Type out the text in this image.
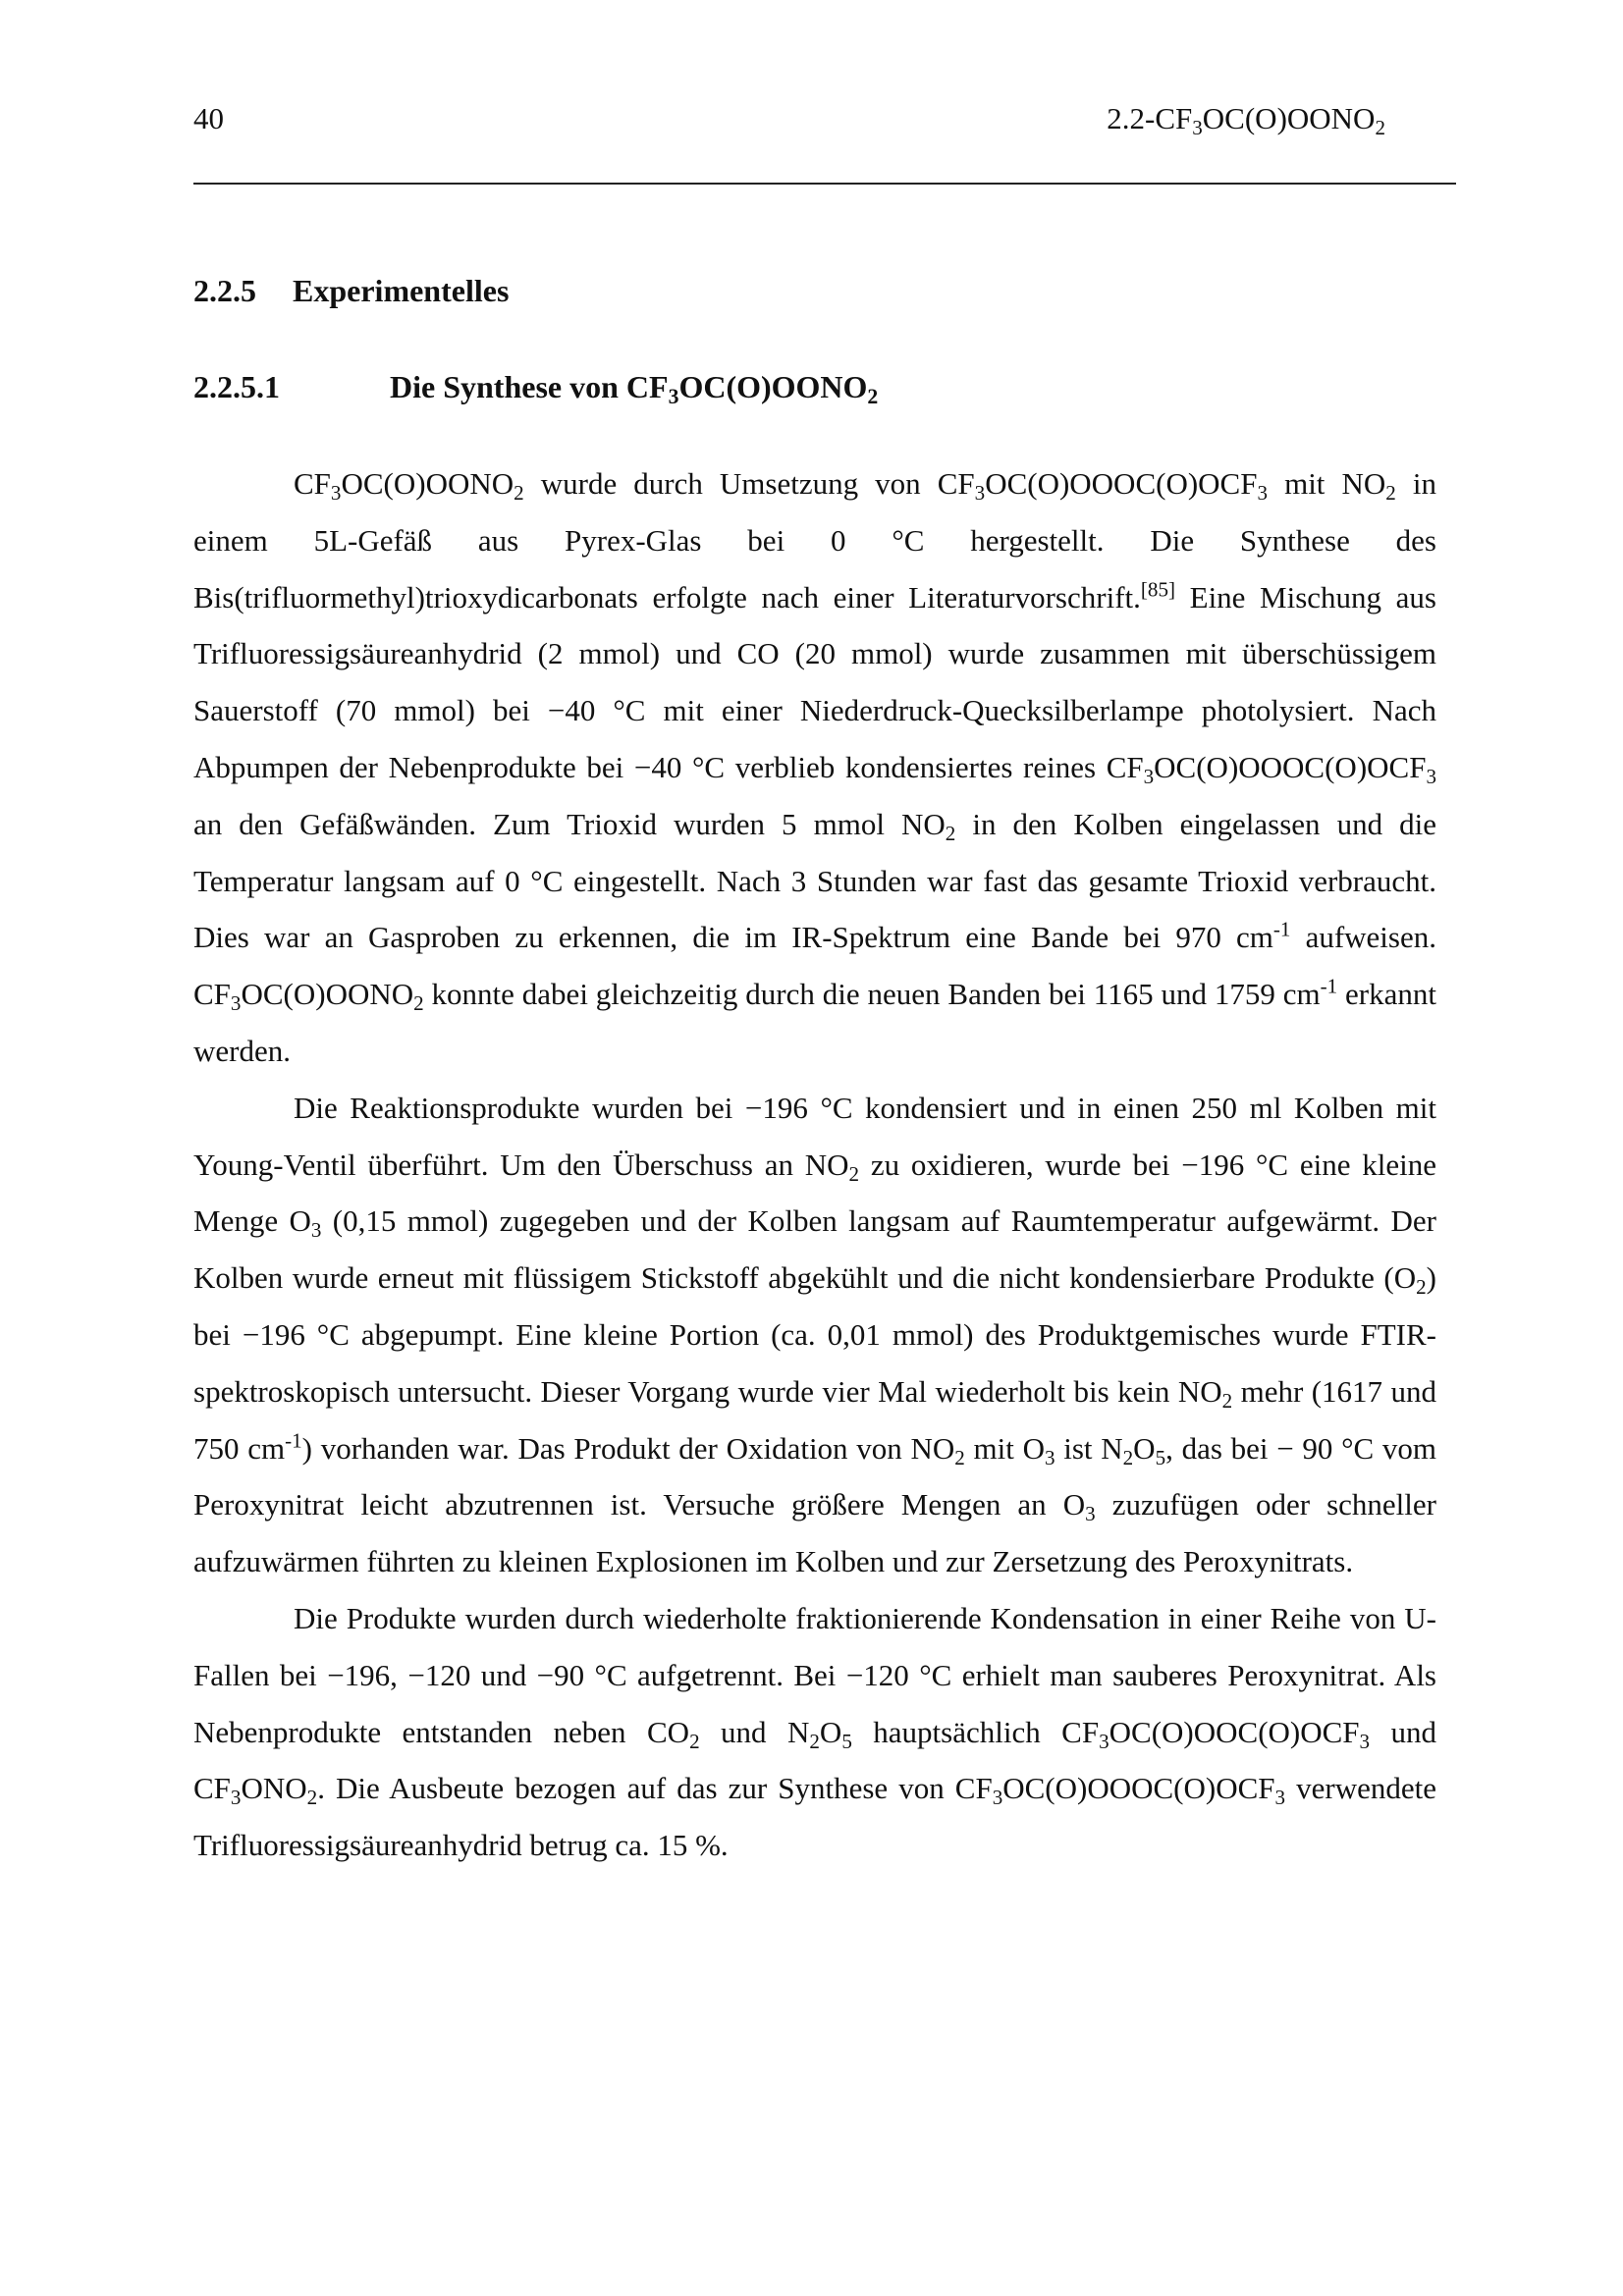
40	$2.2-CF_3OC(O)OONO_2$
2.2.5 Experimentelles
2.2.5.1	Die Synthese von $CF_3OC(O)OONO_2$

$CF_3OC(O)OONO_2$ wurde durch Umsetzung von $CF_3OC(O)OOOC(O)OCF_3$ mit $NO_2$ in einem 5L-Gefäß aus Pyrex-Glas bei 0 °C hergestellt. Die Synthese des Bis(trifluormethyl)trioxydicarbonats erfolgte nach einer Literaturvorschrift.[85] Eine Mischung aus Trifluoressigsäureanhydrid (2 mmol) und CO (20 mmol) wurde zusammen mit überschüssigem Sauerstoff (70 mmol) bei −40 °C mit einer Niederdruck-Quecksilberlampe photolysiert. Nach Abpumpen der Nebenprodukte bei −40 °C verblieb kondensiertes reines $CF_3OC(O)OOOC(O)OCF_3$ an den Gefäßwänden. Zum Trioxid wurden 5 mmol $NO_2$ in den Kolben eingelassen und die Temperatur langsam auf 0 °C eingestellt. Nach 3 Stunden war fast das gesamte Trioxid verbraucht. Dies war an Gasproben zu erkennen, die im IR-Spektrum eine Bande bei 970 $cm^{-1}$ aufweisen. $CF_3OC(O)OONO_2$ konnte dabei gleichzeitig durch die neuen Banden bei 1165 und 1759 $cm^{-1}$ erkannt werden.

Die Reaktionsprodukte wurden bei −196 °C kondensiert und in einen 250 ml Kolben mit Young-Ventil überführt. Um den Überschuss an $NO_2$ zu oxidieren, wurde bei −196 °C eine kleine Menge $O_3$ (0,15 mmol) zugegeben und der Kolben langsam auf Raumtemperatur aufgewärmt. Der Kolben wurde erneut mit flüssigem Stickstoff abgekühlt und die nicht kondensierbare Produkte $(O_2)$ bei −196 °C abgepumpt. Eine kleine Portion (ca. 0,01 mmol) des Produktgemisches wurde FTIR-spektroskopisch untersucht. Dieser Vorgang wurde vier Mal wiederholt bis kein $NO_2$ mehr (1617 und 750 $cm^{-1}$) vorhanden war. Das Produkt der Oxidation von $NO_2$ mit $O_3$ ist $N_2O_5$, das bei − 90 °C vom Peroxynitrat leicht abzutrennen ist. Versuche größere Mengen an $O_3$ zuzufügen oder schneller aufzuwärmen führten zu kleinen Explosionen im Kolben und zur Zersetzung des Peroxynitrats.

Die Produkte wurden durch wiederholte fraktionierende Kondensation in einer Reihe von U-Fallen bei −196, −120 und −90 °C aufgetrennt. Bei −120 °C erhielt man sauberes Peroxynitrat. Als Nebenprodukte entstanden neben $CO_2$ und $N_2O_5$ hauptsächlich $CF_3OC(O)OOC(O)OCF_3$ und $CF_3ONO_2$. Die Ausbeute bezogen auf das zur Synthese von $CF_3OC(O)OOOC(O)OCF_3$ verwendete Trifluoressigsäureanhydrid betrug ca. 15 %.
